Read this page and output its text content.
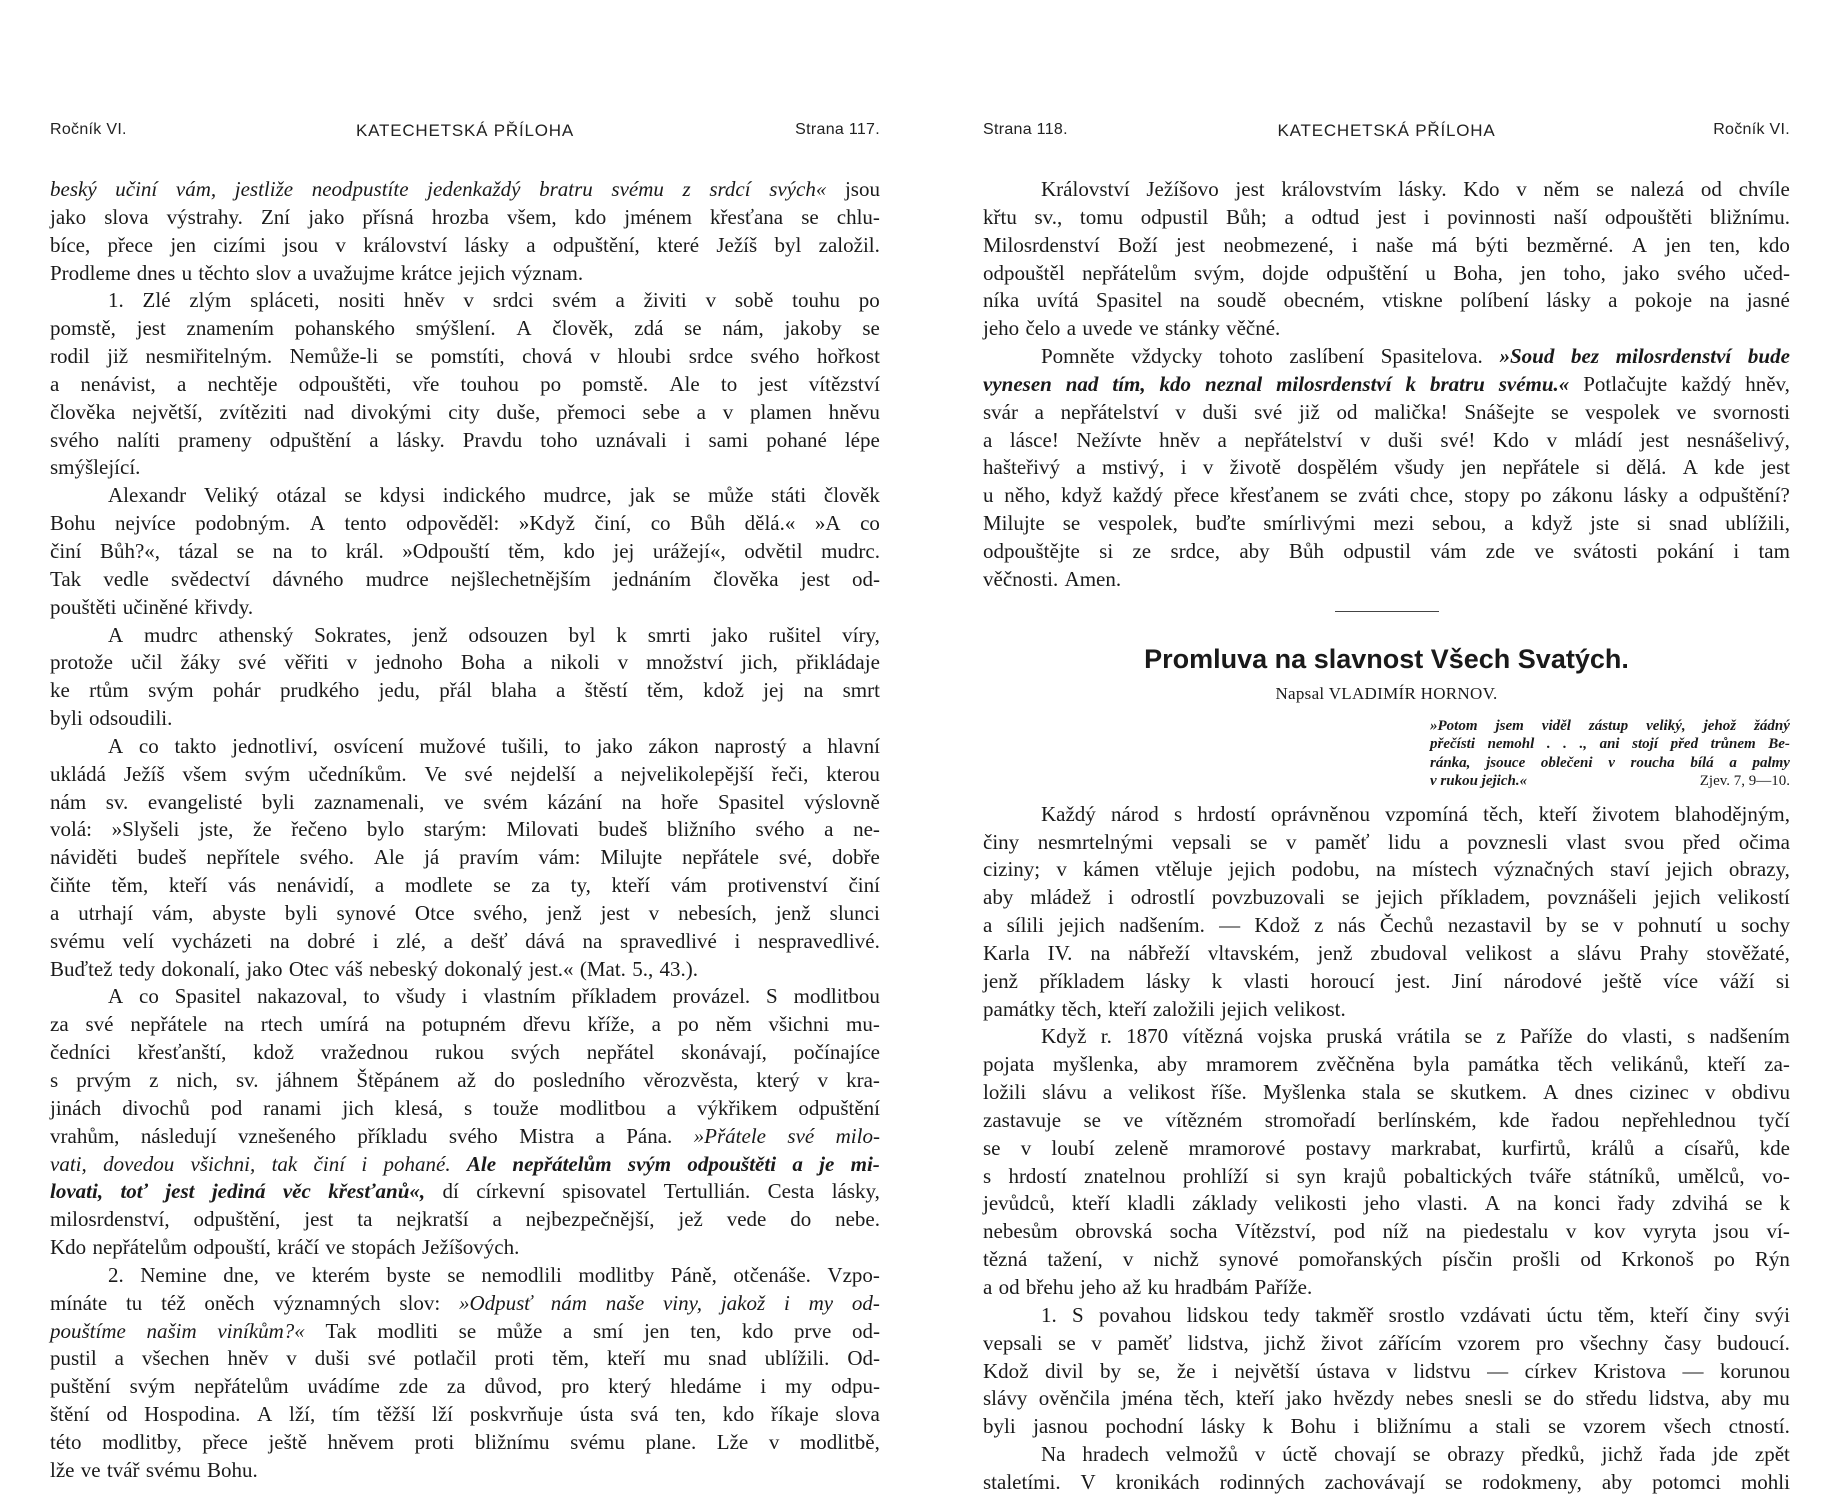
Ročník VI.	KATECHETSKÁ PŘÍLOHA	Strana 117.
beský učiní vám, jestliže neodpustíte jedenkaždý bratru svému z srdcí svých« jsou
jako slova výstrahy. Zní jako přísná hrozba všem, kdo jménem křesťana se chlu-
bíce, přece jen cizími jsou v království lásky a odpuštění, které Ježíš byl založil.
Prodleme dnes u těchto slov a uvažujme krátce jejich význam.
1. Zlé zlým spláceti, nositi hněv v srdci svém a živiti v sobě touhu po
pomstě, jest znamením pohanského smýšlení. A člověk, zdá se nám, jakoby se
rodil již nesmiřitelným. Nemůže-li se pomstíti, chová v hloubi srdce svého hořkost
a nenávist, a nechtěje odpouštěti, vře touhou po pomstě. Ale to jest vítězství
člověka největší, zvítěziti nad divokými city duše, přemoci sebe a v plamen hněvu
svého nalíti prameny odpuštění a lásky. Pravdu toho uznávali i sami pohané lépe
smýšlející.
Alexandr Veliký otázal se kdysi indického mudrce, jak se může státi člověk
Bohu nejvíce podobným. A tento odpověděl: »Když činí, co Bůh dělá.« »A co
činí Bůh?«, tázal se na to král. »Odpouští těm, kdo jej urážejí«, odvětil mudrc.
Tak vedle svědectví dávného mudrce nejšlechetnějším jednáním člověka jest od-
pouštěti učiněné křivdy.
A mudrc athenský Sokrates, jenž odsouzen byl k smrti jako rušitel víry,
protože učil žáky své věřiti v jednoho Boha a nikoli v množství jich, přikládaje
ke rtům svým pohár prudkého jedu, přál blaha a štěstí těm, kdož jej na smrt
byli odsoudili.
A co takto jednotliví, osvícení mužové tušili, to jako zákon naprostý a hlavní
ukládá Ježíš všem svým učedníkům. Ve své nejdelší a nejvelikolepější řeči, kterou
nám sv. evangelisté byli zaznamenali, ve svém kázání na hoře Spasitel výslovně
volá: »Slyšeli jste, že řečeno bylo starým: Milovati budeš bližního svého a ne-
náviděti budeš nepřítele svého. Ale já pravím vám: Milujte nepřátele své, dobře
čiňte těm, kteří vás nenávidí, a modlete se za ty, kteří vám protivenství činí
a utrhají vám, abyste byli synové Otce svého, jenž jest v nebesích, jenž slunci
svému velí vycházeti na dobré i zlé, a dešť dává na spravedlivé i nespravedlivé.
Buďtež tedy dokonalí, jako Otec váš nebeský dokonalý jest.« (Mat. 5., 43.).
A co Spasitel nakazoval, to všudy i vlastním příkladem provázel. S modlitbou
za své nepřátele na rtech umírá na potupném dřevu kříže, a po něm všichni mu-
čedníci křesťanští, kdož vražednou rukou svých nepřátel skonávají, počínajíce
s prvým z nich, sv. jáhnem Štěpánem až do posledního věrozvěsta, který v kra-
jinách divochů pod ranami jich klesá, s touže modlitbou a výkřikem odpuštění
vrahům, následují vznešeného příkladu svého Mistra a Pána. »Přátele své milo-
vati, dovedou všichni, tak činí i pohané. Ale nepřátelům svým odpouštěti a je mi-
lovati, toť jest jediná věc křesťanů«, dí církevní spisovatel Tertullián. Cesta lásky,
milosrdenství, odpuštění, jest ta nejkratší a nejbezpečnější, jež vede do nebe.
Kdo nepřátelům odpouští, kráčí ve stopách Ježíšových.
2. Nemine dne, ve kterém byste se nemodlili modlitby Páně, otčenáše. Vzpo-
mínáte tu též oněch významných slov: »Odpusť nám naše viny, jakož i my od-
pouštíme našim viníkům?« Tak modliti se může a smí jen ten, kdo prve od-
pustil a všechen hněv v duši své potlačil proti těm, kteří mu snad ublížili. Od-
puštění svým nepřátelům uvádíme zde za důvod, pro který hledáme i my odpu-
štění od Hospodina. A lží, tím těžší lží poskvrňuje ústa svá ten, kdo říkaje slova
této modlitby, přece ještě hněvem proti bližnímu svému plane. Lže v modlitbě,
lže ve tvář svému Bohu.
Strana 118.	KATECHETSKÁ PŘÍLOHA	Ročník VI.
Království Ježíšovo jest královstvím lásky. Kdo v něm se nalezá od chvíle
křtu sv., tomu odpustil Bůh; a odtud jest i povinnosti naší odpouštěti bližnímu.
Milosrdenství Boží jest neobmezené, i naše má býti bezměrné. A jen ten, kdo
odpouštěl nepřátelům svým, dojde odpuštění u Boha, jen toho, jako svého učed-
níka uvítá Spasitel na soudě obecném, vtiskne políbení lásky a pokoje na jasné
jeho čelo a uvede ve stánky věčné.
Pomněte vždycky tohoto zaslíbení Spasitelova. »Soud bez milosrdenství bude
vynesen nad tím, kdo neznal milosrdenství k bratru svému.« Potlačujte každý hněv,
svár a nepřátelství v duši své již od malička! Snášejte se vespolek ve svornosti
a lásce! Nežívte hněv a nepřátelství v duši své! Kdo v mládí jest nesnášelivý,
hašteřivý a mstivý, i v životě dospělém všudy jen nepřátele si dělá. A kde jest
u něho, když každý přece křesťanem se zváti chce, stopy po zákonu lásky a odpuštění?
Milujte se vespolek, buďte smírlivými mezi sebou, a když jste si snad ublížili,
odpouštějte si ze srdce, aby Bůh odpustil vám zde ve svátosti pokání i tam
věčnosti. Amen.
Promluva na slavnost Všech Svatých.
Napsal VLADIMÍR HORNOV.
»Potom jsem viděl zástup veliký, jehož žádný
přečísti nemohl . . ., ani stojí před trůnem Be-
ránka, jsouce oblečeni v roucha bílá a palmy
v rukou jejich.«	Zjev. 7, 9—10.
Každý národ s hrdostí oprávněnou vzpomíná těch, kteří životem blahodějným,
činy nesmrtelnými vepsali se v paměť lidu a povznesli vlast svou před očima
ciziny; v kámen vtěluje jejich podobu, na místech význačných staví jejich obrazy,
aby mládež i odrostlí povzbuzovali se jejich příkladem, povznášeli jejich velikostí
a sílili jejich nadšením. — Kdož z nás Čechů nezastavil by se v pohnutí u sochy
Karla IV. na nábřeží vltavském, jenž zbudoval velikost a slávu Prahy stověžaté,
jenž příkladem lásky k vlasti horoucí jest. Jiní národové ještě více váží si
památky těch, kteří založili jejich velikost.
Když r. 1870 vítězná vojska pruská vrátila se z Paříže do vlasti, s nadšením
pojata myšlenka, aby mramorem zvěčněna byla památka těch velikánů, kteří za-
ložili slávu a velikost říše. Myšlenka stala se skutkem. A dnes cizinec v obdivu
zastavuje se ve vítězném stromořadí berlínském, kde řadou nepřehlednou tyčí
se v loubí zeleně mramorové postavy markrabat, kurfirtů, králů a císařů, kde
s hrdostí znatelnou prohlíží si syn krajů pobaltických tváře státníků, umělců, vo-
jevůdců, kteří kladli základy velikosti jeho vlasti. A na konci řady zdvihá se k
nebesům obrovská socha Vítězství, pod níž na piedestalu v kov vyryta jsou ví-
tězná tažení, v nichž synové pomořanských písčin prošli od Krkonoš po Rýn
a od břehu jeho až ku hradbám Paříže.
1. S povahou lidskou tedy takměř srostlo vzdávati úctu těm, kteří činy svýi
vepsali se v paměť lidstva, jichž život zářícím vzorem pro všechny časy budoucí.
Kdož divil by se, že i největší ústava v lidstvu — církev Kristova — korunou
slávy ověnčila jména těch, kteří jako hvězdy nebes snesli se do středu lidstva, aby mu
byli jasnou pochodní lásky k Bohu i bližnímu a stali se vzorem všech ctností.
Na hradech velmožů v úctě chovají se obrazy předků, jichž řada jde zpět
staletími. V kronikách rodinných zachovávají se rodokmeny, aby potomci mohli
